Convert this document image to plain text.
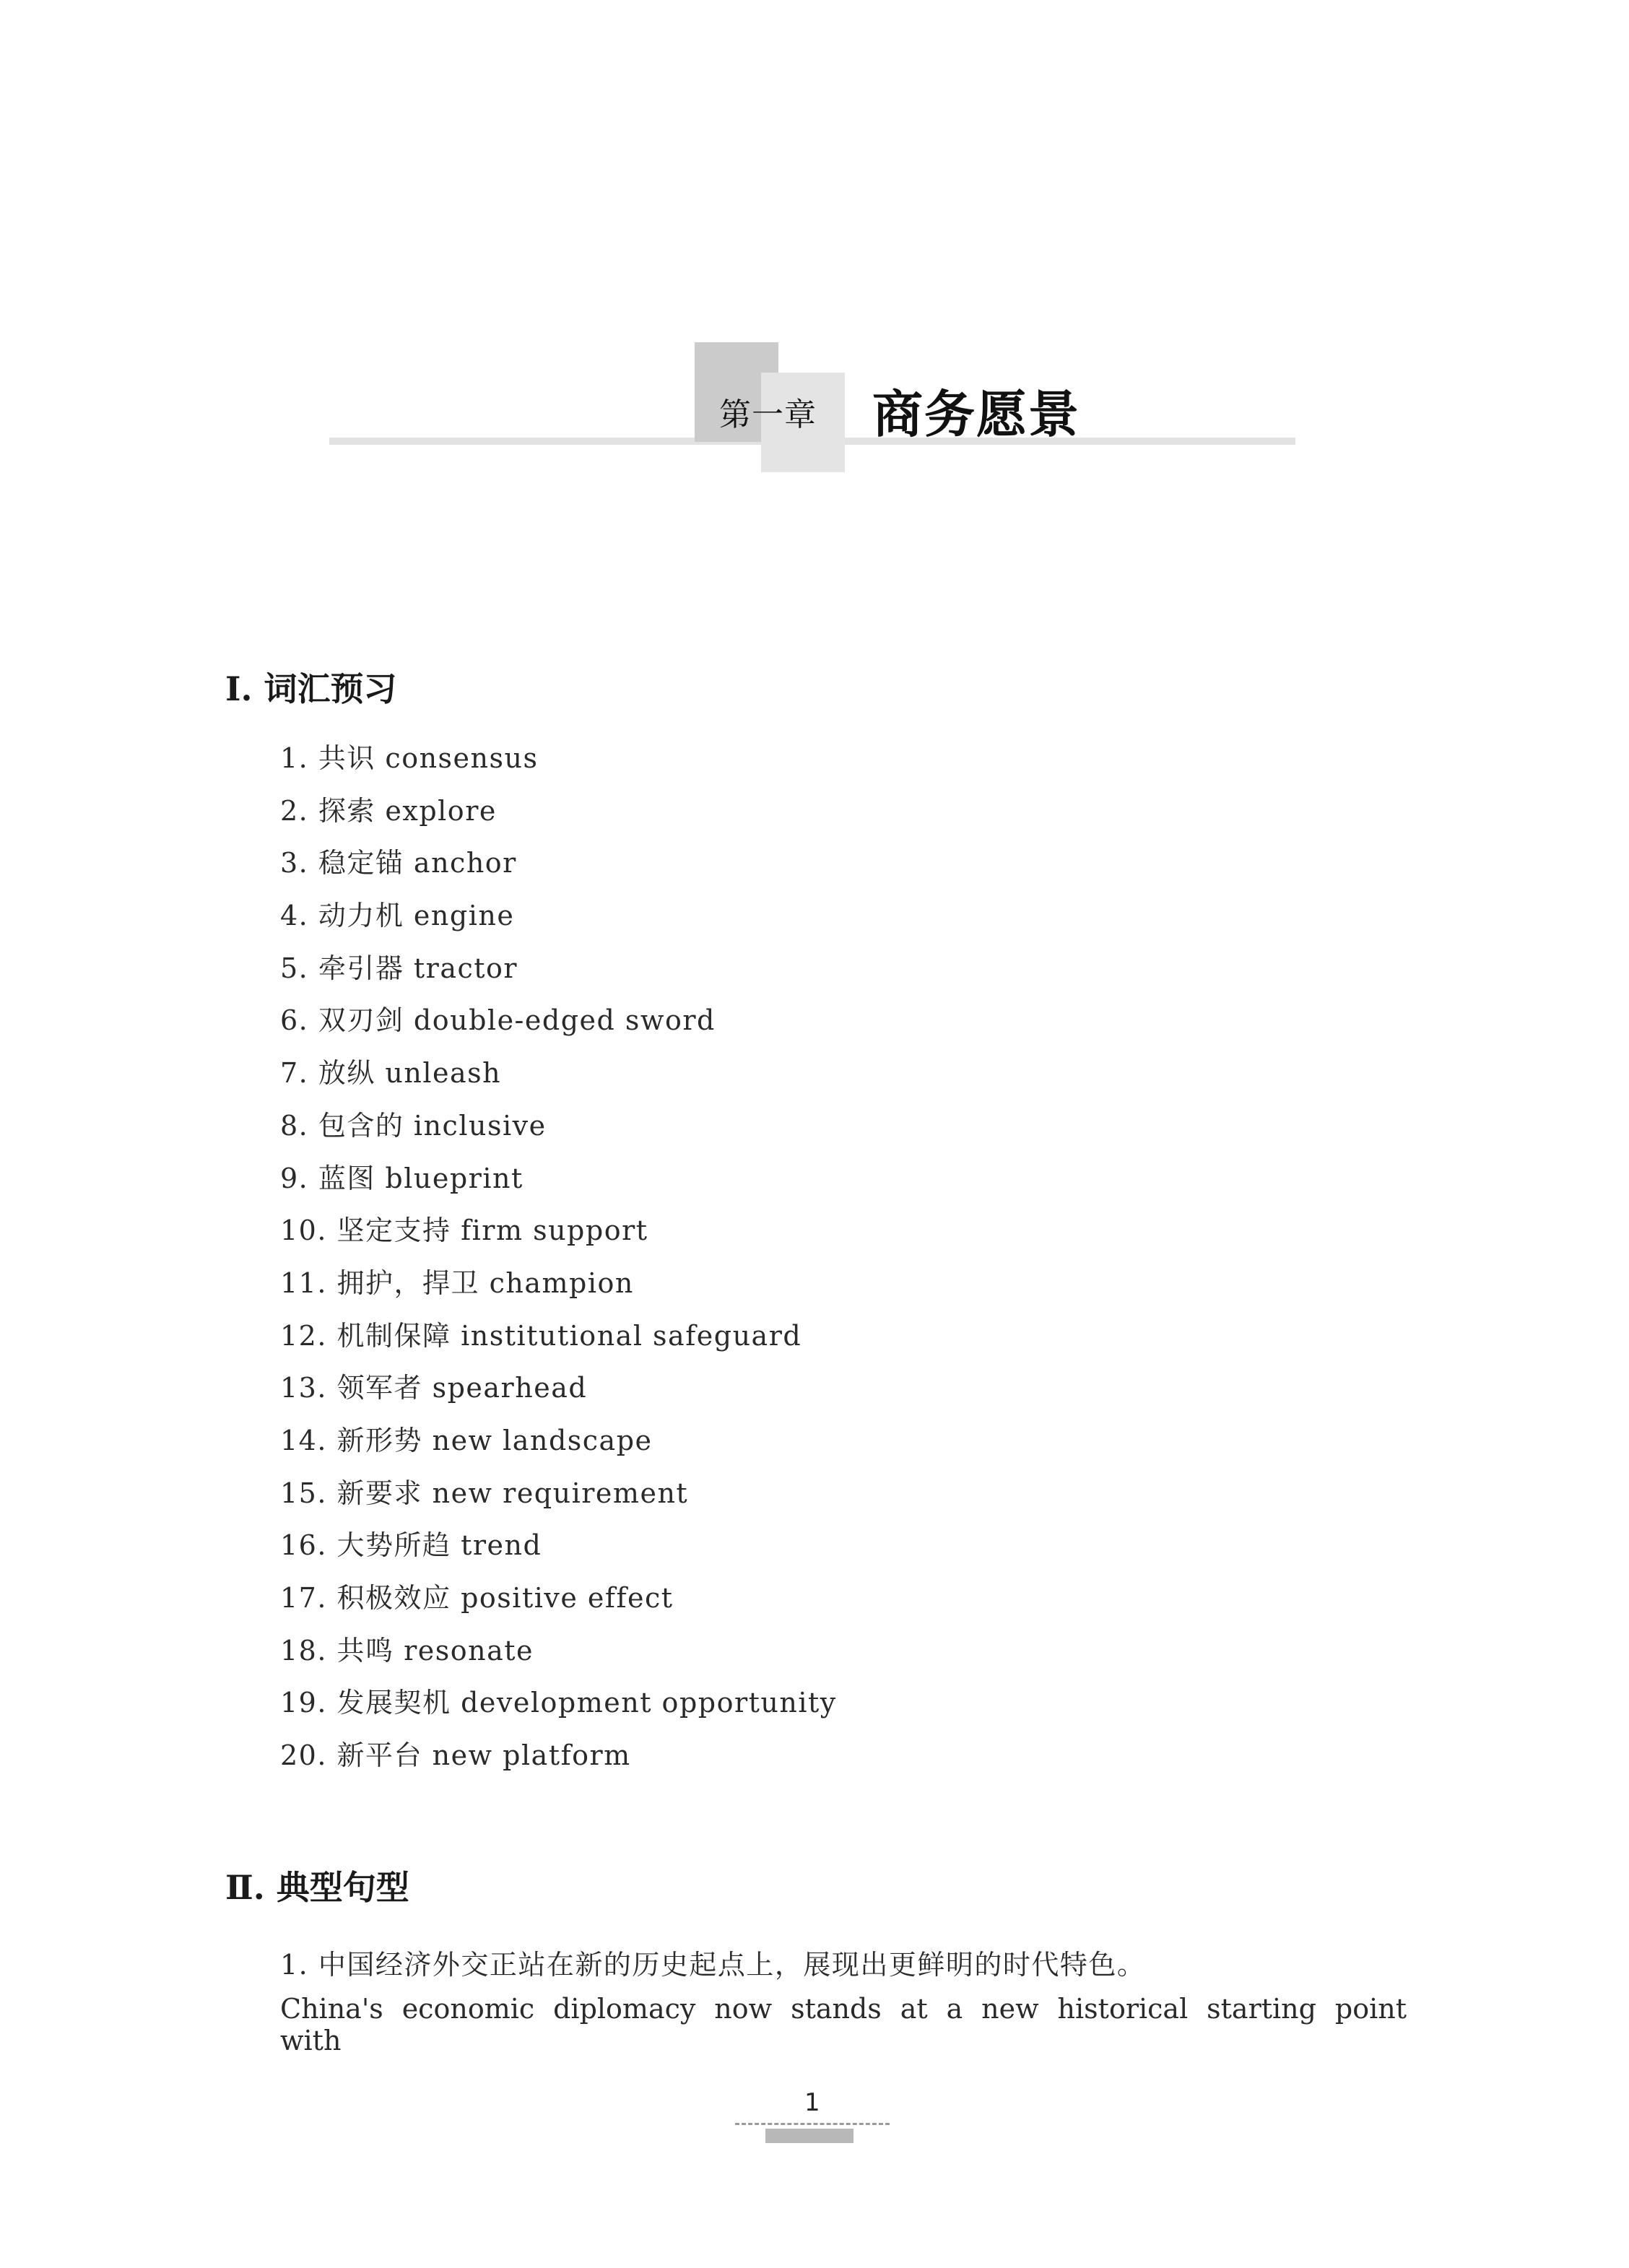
第一章 商务愿景
Ⅰ. 词汇预习
1. 共识 consensus
2. 探索 explore
3. 稳定锚 anchor
4. 动力机 engine
5. 牵引器 tractor
6. 双刃剑 double-edged sword
7. 放纵 unleash
8. 包含的 inclusive
9. 蓝图 blueprint
10. 坚定支持 firm support
11. 拥护，捍卫 champion
12. 机制保障 institutional safeguard
13. 领军者 spearhead
14. 新形势 new landscape
15. 新要求 new requirement
16. 大势所趋 trend
17. 积极效应 positive effect
18. 共鸣 resonate
19. 发展契机 development opportunity
20. 新平台 new platform
Ⅱ. 典型句型
1. 中国经济外交正站在新的历史起点上，展现出更鲜明的时代特色。
China's economic diplomacy now stands at a new historical starting point with
1
